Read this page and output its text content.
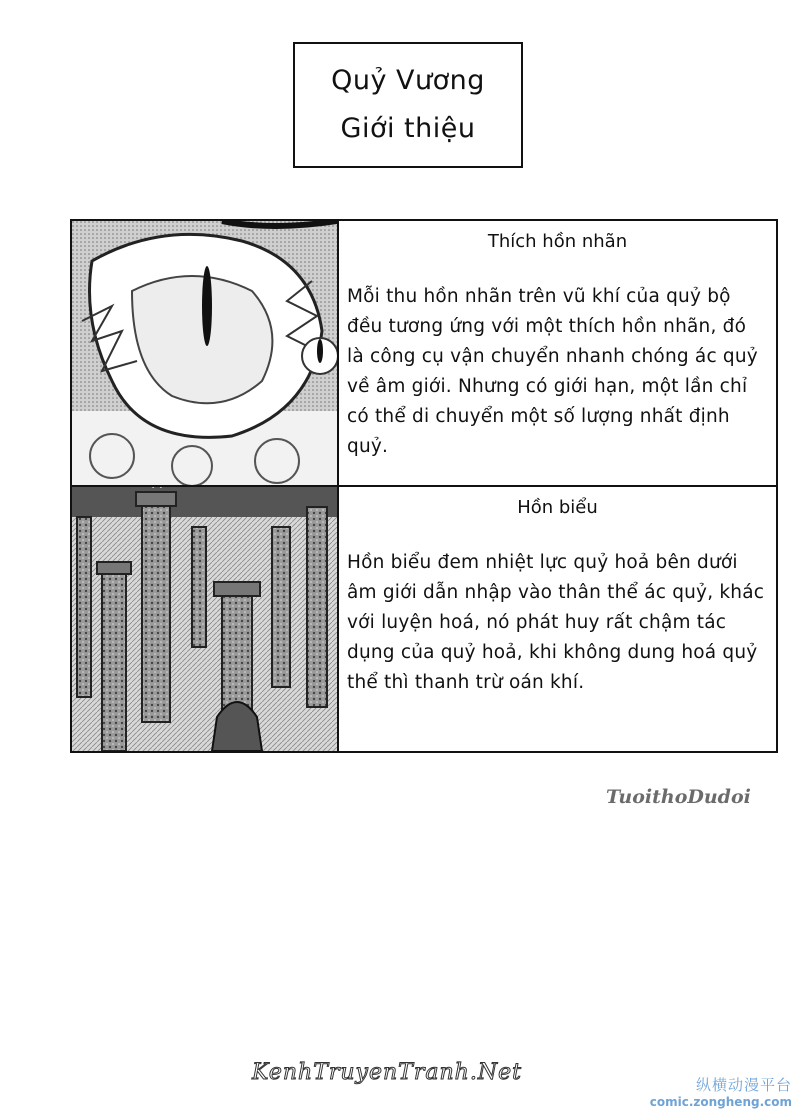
Quỷ Vương
Giới thiệu
Thích hồn nhãn
Mỗi thu hồn nhãn trên vũ khí của quỷ bộ đều tương ứng với một thích hồn nhãn, đó là công cụ vận chuyển nhanh chóng ác quỷ về âm giới. Nhưng có giới hạn, một lần chỉ có thể di chuyển một số lượng nhất định quỷ.
Hồn biểu
Hồn biểu đem nhiệt lực quỷ hoả bên dưới âm giới dẫn nhập vào thân thể ác quỷ, khác với luyện hoá, nó phát huy rất chậm tác dụng của quỷ hoả, khi không dung hoá quỷ thể thì thanh trừ oán khí.
TuoithoDudoi
KenhTruyenTranh.Net	纵横动漫平台
comic.zongheng.com
